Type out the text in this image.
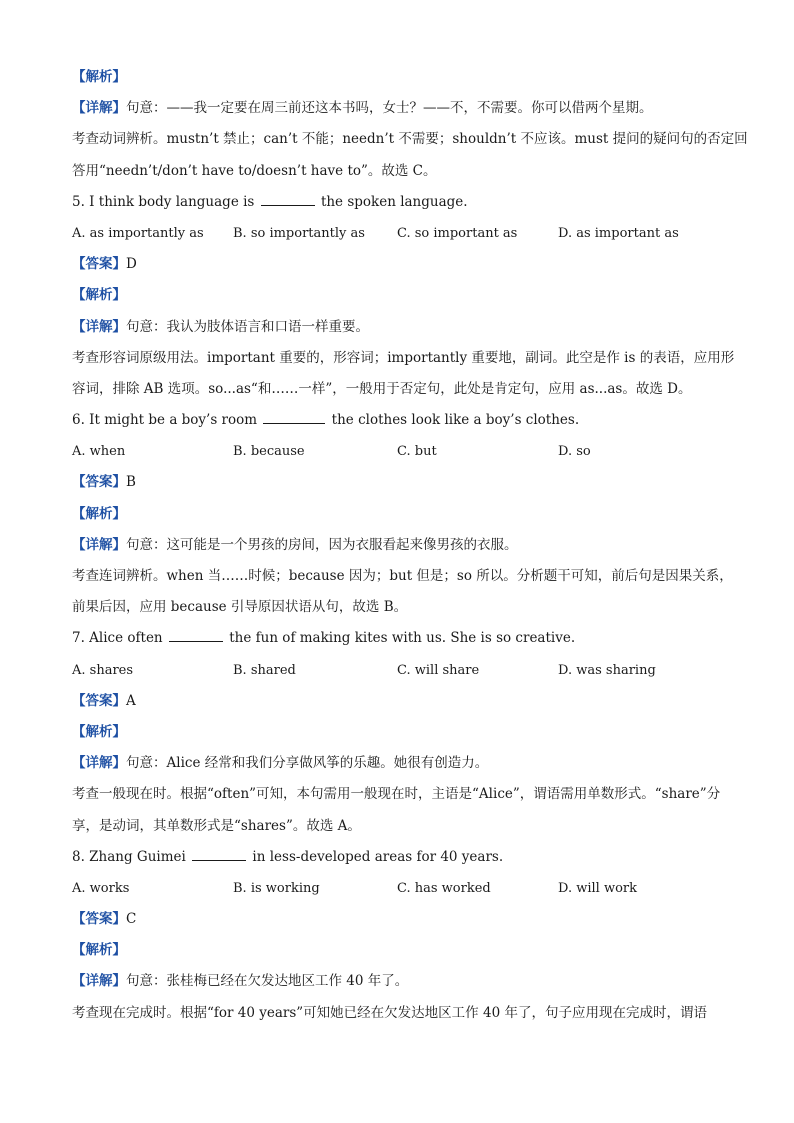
【解析】
【详解】句意：——我一定要在周三前还这本书吗，女士？——不，不需要。你可以借两个星期。
考查动词辨析。mustn’t 禁止；can’t 不能；needn’t 不需要；shouldn’t 不应该。must 提问的疑问句的否定回
答用“needn’t/don’t have to/doesn’t have to”。故选 C。
5. I think body language is	the spoken language.
A. as importantly as	B. so importantly as	C. so important as	D. as important as
【答案】D
【解析】
【详解】句意：我认为肢体语言和口语一样重要。
考查形容词原级用法。important 重要的，形容词；importantly 重要地，副词。此空是作 is 的表语，应用形
容词，排除 AB 选项。so...as“和……一样”，一般用于否定句，此处是肯定句，应用 as...as。故选 D。
6. It might be a boy’s room	the clothes look like a boy’s clothes.
A. when	B. because	C. but	D. so
【答案】B
【解析】
【详解】句意：这可能是一个男孩的房间，因为衣服看起来像男孩的衣服。
考查连词辨析。when 当……时候；because 因为；but 但是；so 所以。分析题干可知，前后句是因果关系，
前果后因，应用 because 引导原因状语从句，故选 B。
7. Alice often	the fun of making kites with us. She is so creative.
A. shares	B. shared	C. will share	D. was sharing
【答案】A
【解析】
【详解】句意：Alice 经常和我们分享做风筝的乐趣。她很有创造力。
考查一般现在时。根据“often”可知，本句需用一般现在时，主语是“Alice”，谓语需用单数形式。“share”分
享，是动词，其单数形式是“shares”。故选 A。
8. Zhang Guimei	in less-developed areas for 40 years.
A. works	B. is working	C. has worked	D. will work
【答案】C
【解析】
【详解】句意：张桂梅已经在欠发达地区工作 40 年了。
考查现在完成时。根据“for 40 years”可知她已经在欠发达地区工作 40 年了，句子应用现在完成时，谓语
